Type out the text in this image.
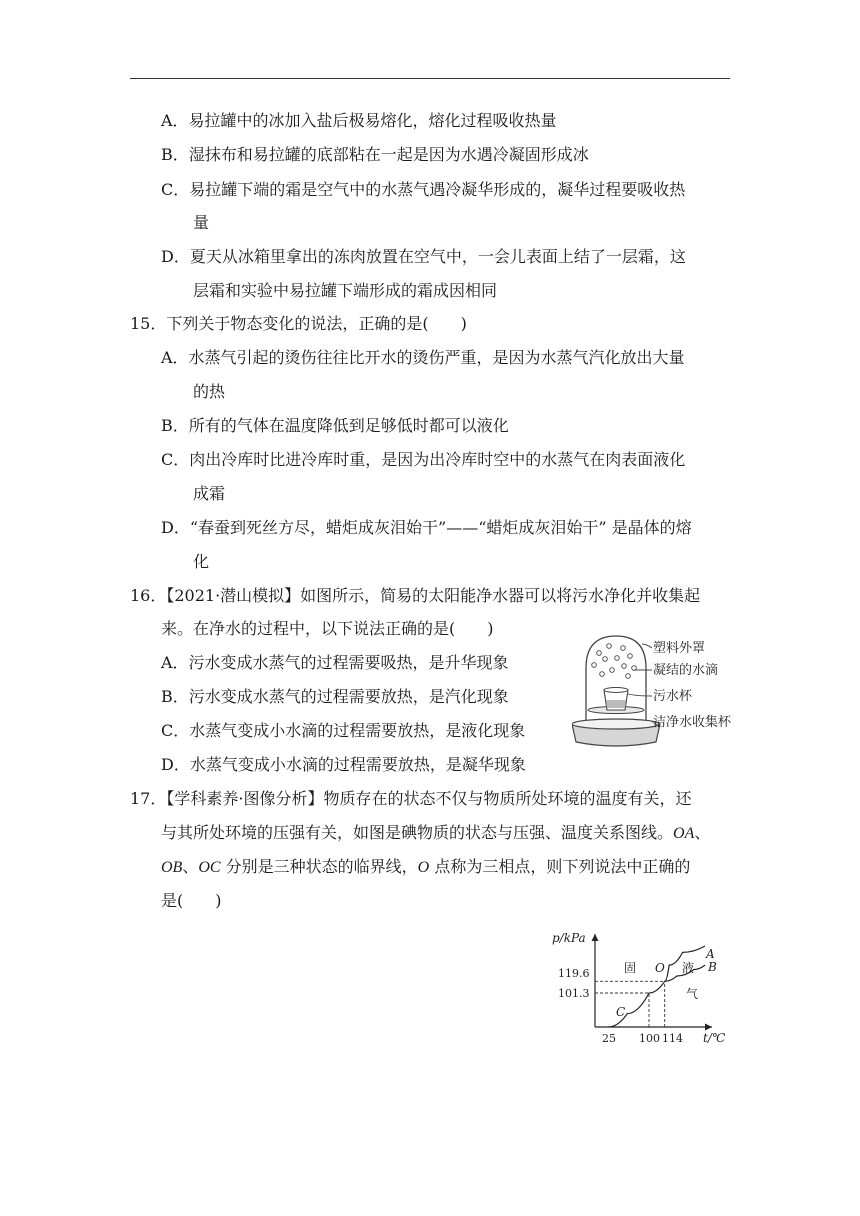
A．易拉罐中的冰加入盐后极易熔化，熔化过程吸收热量
B．湿抹布和易拉罐的底部粘在一起是因为水遇冷凝固形成冰
C．易拉罐下端的霜是空气中的水蒸气遇冷凝华形成的，凝华过程要吸收热
量
D．夏天从冰箱里拿出的冻肉放置在空气中，一会儿表面上结了一层霜，这
层霜和实验中易拉罐下端形成的霜成因相同
15．下列关于物态变化的说法，正确的是(　　)
A．水蒸气引起的烫伤往往比开水的烫伤严重，是因为水蒸气汽化放出大量
的热
B．所有的气体在温度降低到足够低时都可以液化
C．肉出冷库时比进冷库时重，是因为出冷库时空中的水蒸气在肉表面液化
成霜
D．“春蚕到死丝方尽，蜡炬成灰泪始干”——“蜡炬成灰泪始干” 是晶体的熔
化
16．【2021·潜山模拟】如图所示，简易的太阳能净水器可以将污水净化并收集起
来。在净水的过程中，以下说法正确的是(　　)
A．污水变成水蒸气的过程需要吸热，是升华现象
B．污水变成水蒸气的过程需要放热，是汽化现象
C．水蒸气变成小水滴的过程需要放热，是液化现象
D．水蒸气变成小水滴的过程需要放热，是凝华现象
塑料外罩
凝结的水滴
污水杯
洁净水收集杯
17．【学科素养·图像分析】物质存在的状态不仅与物质所处环境的温度有关，还
与其所处环境的压强有关，如图是碘物质的状态与压强、温度关系图线。OA、
OB、OC 分别是三种状态的临界线，O 点称为三相点，则下列说法中正确的
是(　　)
p/kPa
t/℃
119.6
101.3
25 100 114
固	液
气
O
A
B
C
